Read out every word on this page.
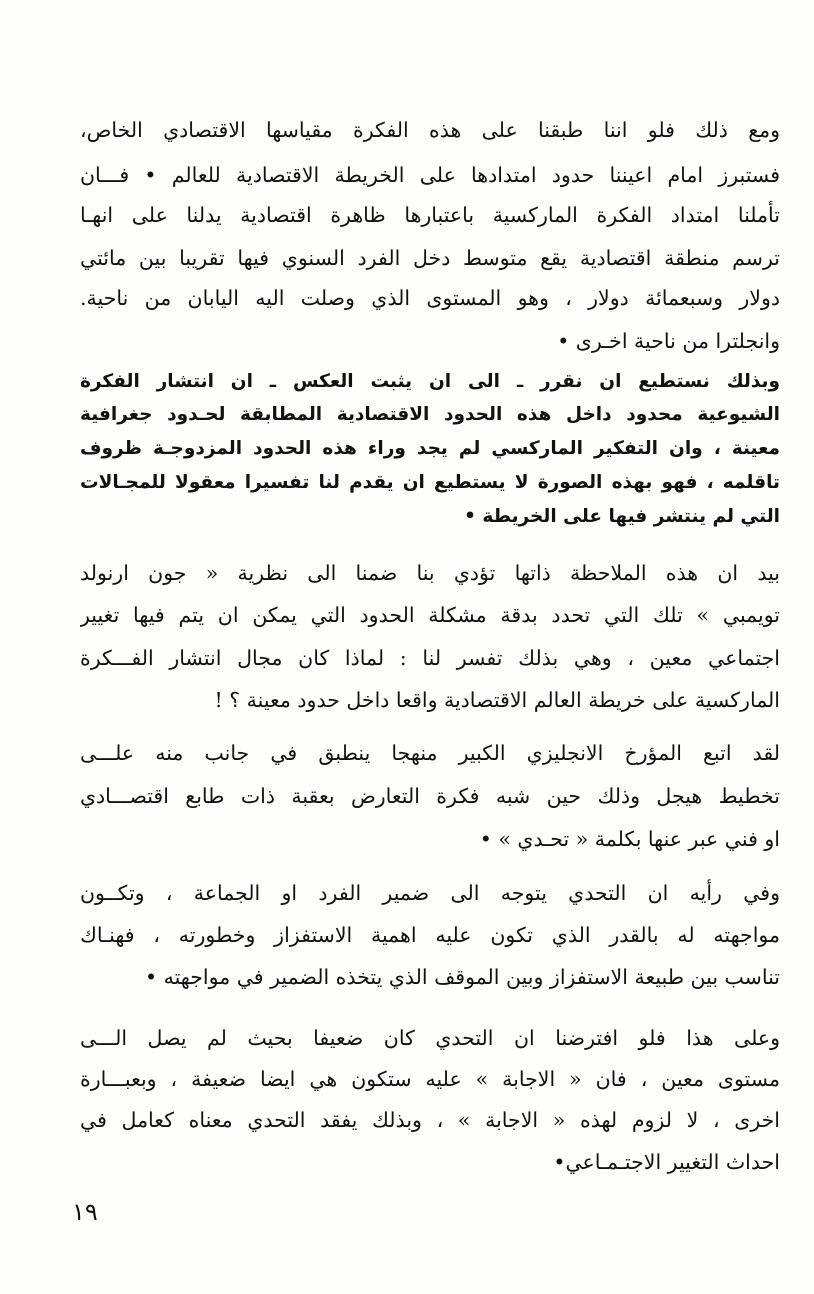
ومع ذلك فلو اننا طبقنا على هذه الفكرة مقياسها الاقتصادي الخاص،
فستبرز امام اعيننا حدود امتدادها على الخريطة الاقتصادية للعالم • فـــان
تأملنا امتداد الفكرة الماركسية باعتبارها ظاهرة اقتصادية يدلنا على انهـا
ترسم منطقة اقتصادية يقع متوسط دخل الفرد السنوي فيها تقريبا بين مائتي
دولار وسبعمائة دولار ، وهو المستوى الذي وصلت اليه اليابان من ناحية.
وانجلترا من ناحية اخـرى •
وبذلك نستطيع ان نقرر ـ الى ان يثبت العكس ـ ان انتشار الفكرة
الشيوعية محدود داخل هذه الحدود الاقتصادية المطابقة لحـدود جغرافية
معينة ، وان التفكير الماركسي لم يجد وراء هذه الحدود المزدوجـة ظروف
تاقلمه ، فهو بهذه الصورة لا يستطيع ان يقدم لنا تفسيرا معقولا للمجـالات
التي لم ينتشر فيها على الخريطة •
بيد ان هذه الملاحظة ذاتها تؤدي بنا ضمنا الى نظرية « جون ارنولد
تويمبي » تلك التي تحدد بدقة مشكلة الحدود التي يمكن ان يتم فيها تغيير
اجتماعي معين ، وهي بذلك تفسر لنا : لماذا كان مجال انتشار الفـــكرة
الماركسية على خريطة العالم الاقتصادية واقعا داخل حدود معينة ؟ !
لقد اتبع المؤرخ الانجليزي الكبير منهجا ينطبق في جانب منه علـــى
تخطيط هيجل وذلك حين شبه فكرة التعارض بعقبة ذات طابع اقتصـــادي
او فني عبر عنها بكلمة « تحـدي » •
وفي رأيه ان التحدي يتوجه الى ضمير الفرد او الجماعة ، وتكــون
مواجهته له بالقدر الذي تكون عليه اهمية الاستفزاز وخطورته ، فهنـاك
تناسب بين طبيعة الاستفزاز وبين الموقف الذي يتخذه الضمير في مواجهته •
وعلى هذا فلو افترضنا ان التحدي كان ضعيفا بحيث لم يصل الـــى
مستوى معين ، فان « الاجابة » عليه ستكون هي ايضا ضعيفة ، وبعبـــارة
اخرى ، لا لزوم لهذه « الاجابة » ، وبذلك يفقد التحدي معناه كعامل في
احداث التغيير الاجتـمـاعي•
١٩
